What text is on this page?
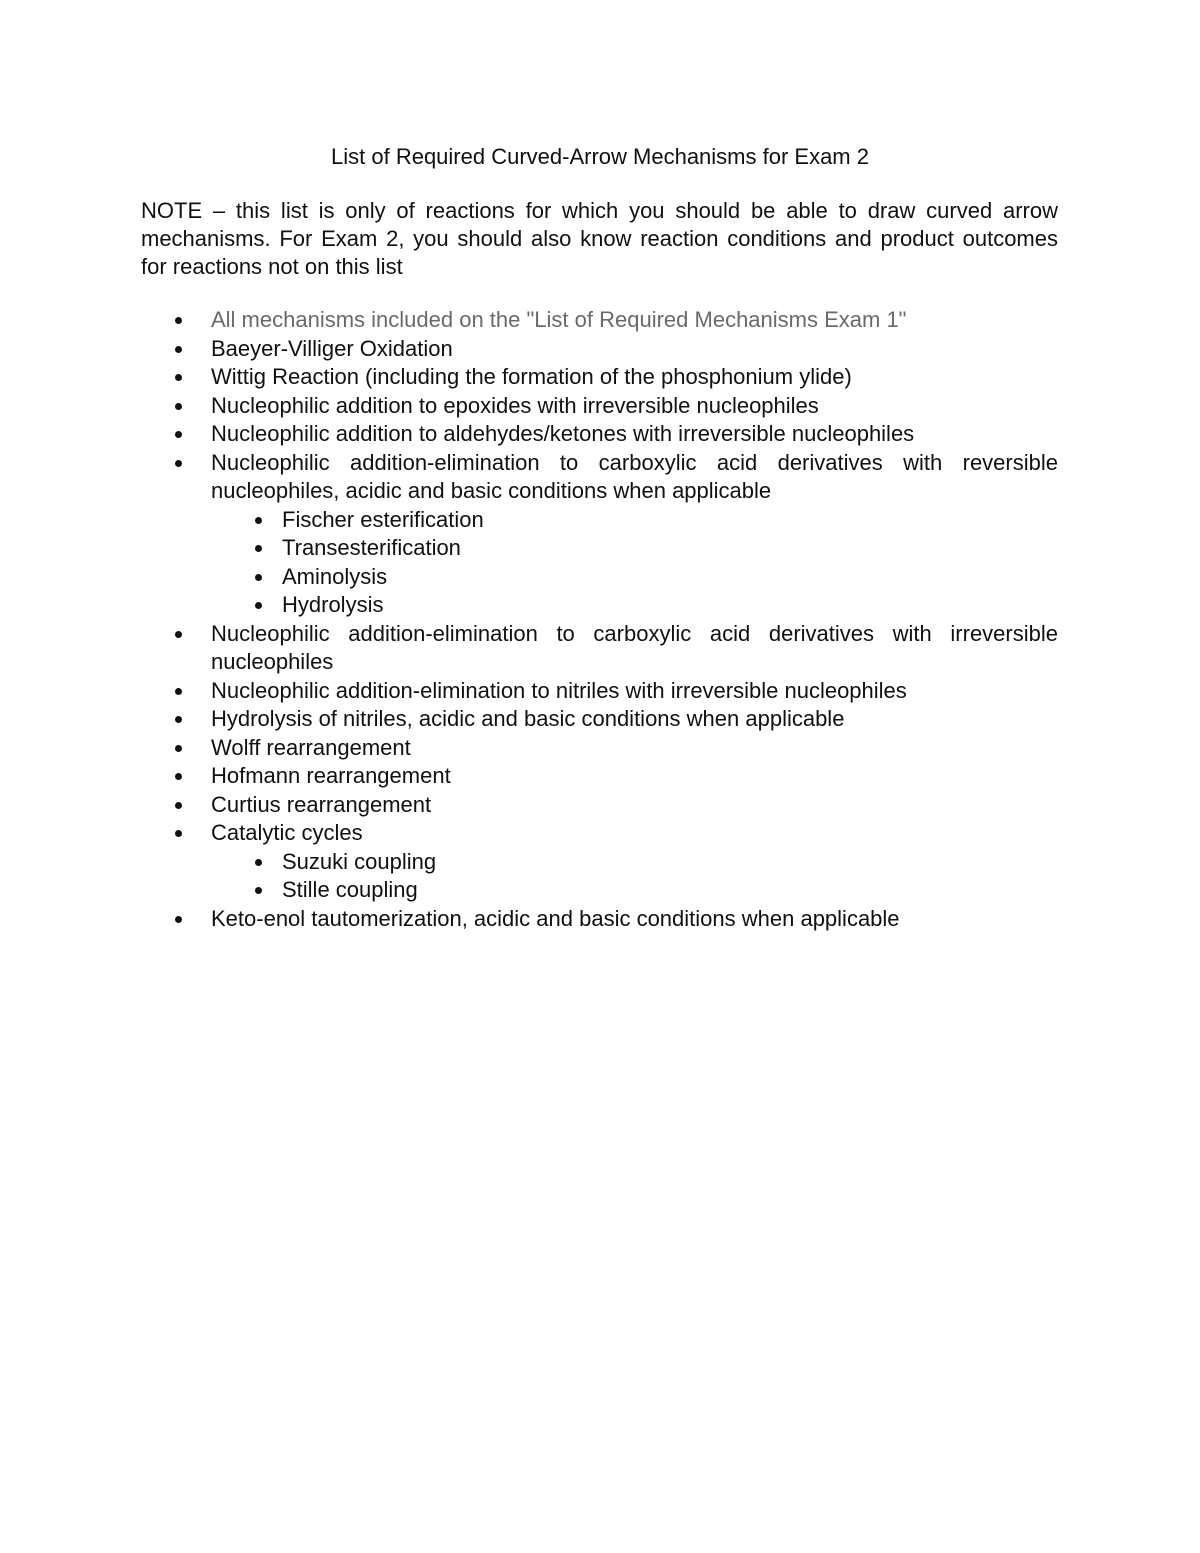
List of Required Curved-Arrow Mechanisms for Exam 2
NOTE – this list is only of reactions for which you should be able to draw curved arrow mechanisms. For Exam 2, you should also know reaction conditions and product outcomes for reactions not on this list
All mechanisms included on the "List of Required Mechanisms Exam 1"
Baeyer-Villiger Oxidation
Wittig Reaction (including the formation of the phosphonium ylide)
Nucleophilic addition to epoxides with irreversible nucleophiles
Nucleophilic addition to aldehydes/ketones with irreversible nucleophiles
Nucleophilic addition-elimination to carboxylic acid derivatives with reversible nucleophiles, acidic and basic conditions when applicable
Fischer esterification
Transesterification
Aminolysis
Hydrolysis
Nucleophilic addition-elimination to carboxylic acid derivatives with irreversible nucleophiles
Nucleophilic addition-elimination to nitriles with irreversible nucleophiles
Hydrolysis of nitriles, acidic and basic conditions when applicable
Wolff rearrangement
Hofmann rearrangement
Curtius rearrangement
Catalytic cycles
Suzuki coupling
Stille coupling
Keto-enol tautomerization, acidic and basic conditions when applicable
